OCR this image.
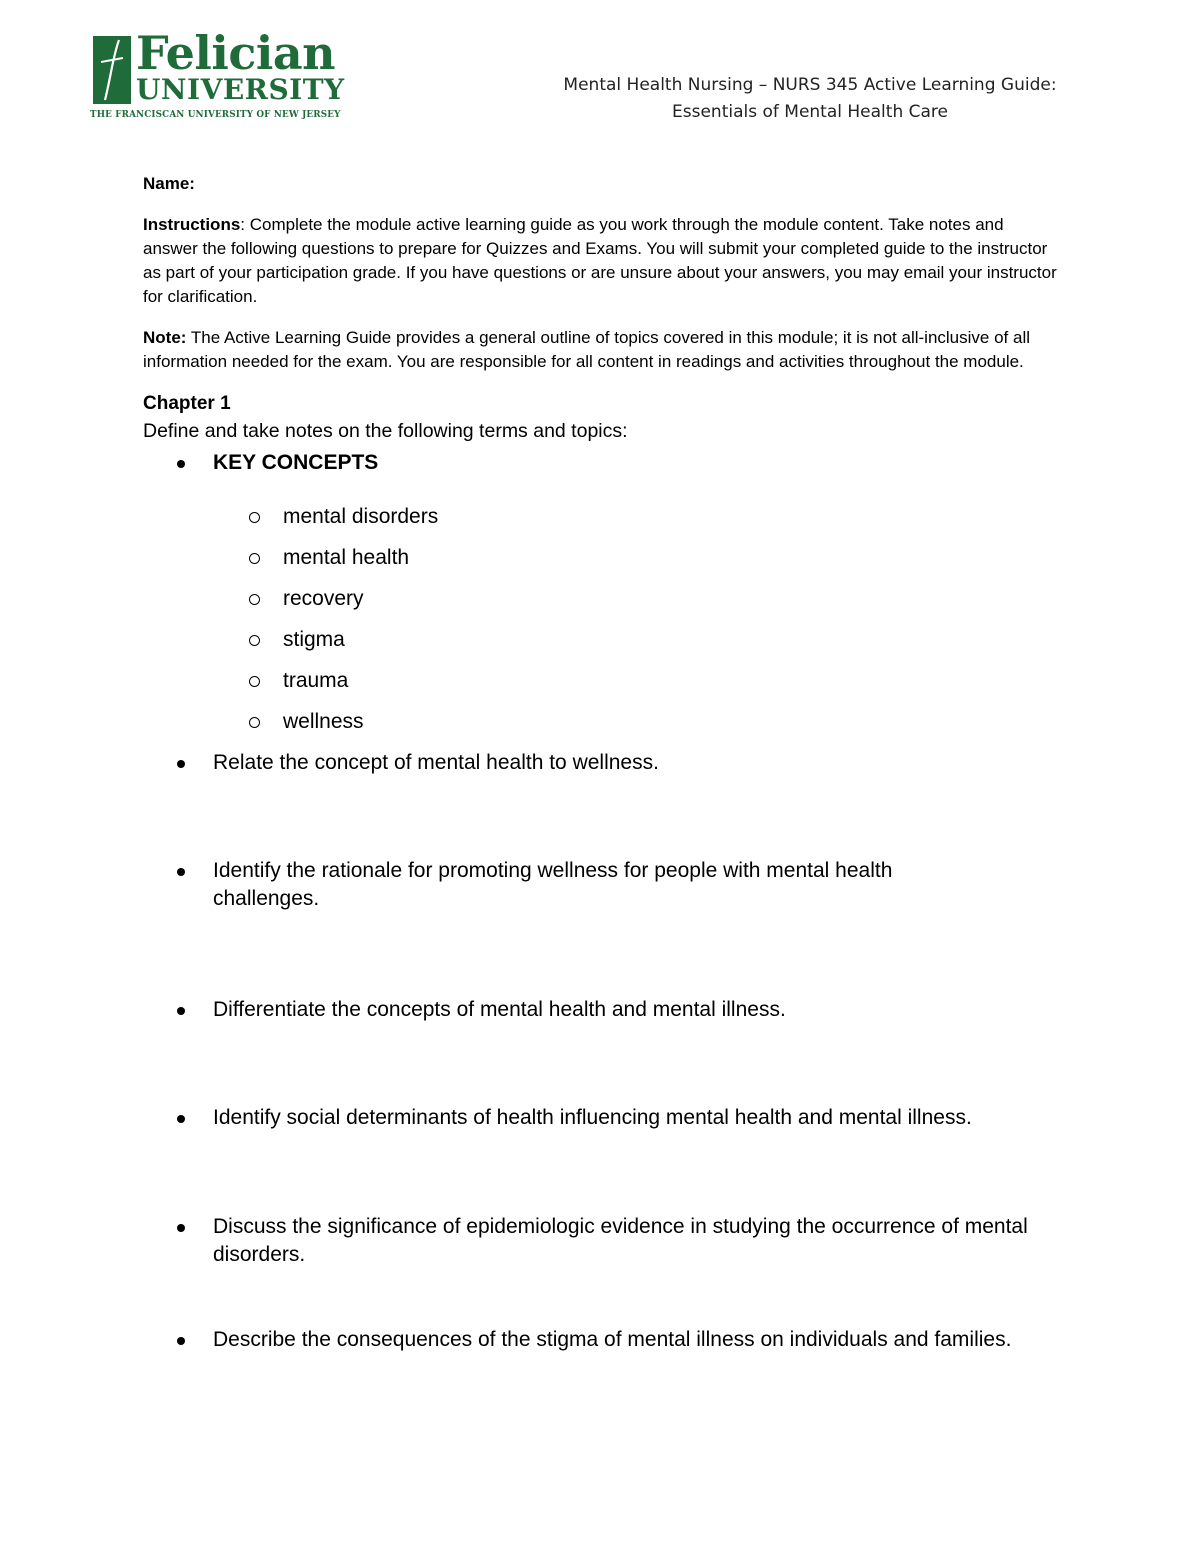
Felician
UNIVERSITY
THE FRANCISCAN UNIVERSITY OF NEW JERSEY
Mental Health Nursing – NURS 345 Active Learning Guide:
Essentials of Mental Health Care

Name:

Instructions: Complete the module active learning guide as you work through the module content. Take notes and answer the following questions to prepare for Quizzes and Exams. You will submit your completed guide to the instructor as part of your participation grade. If you have questions or are unsure about your answers, you may email your instructor for clarification.

Note: The Active Learning Guide provides a general outline of topics covered in this module; it is not all-inclusive of all information needed for the exam. You are responsible for all content in readings and activities throughout the module.

Chapter 1
Define and take notes on the following terms and topics:
KEY CONCEPTS
mental disorders
mental health
recovery
stigma
trauma
wellness
Relate the concept of mental health to wellness.
Identify the rationale for promoting wellness for people with mental health challenges.
Differentiate the concepts of mental health and mental illness.
Identify social determinants of health influencing mental health and mental illness.
Discuss the significance of epidemiologic evidence in studying the occurrence of mental disorders.
Describe the consequences of the stigma of mental illness on individuals and families.
